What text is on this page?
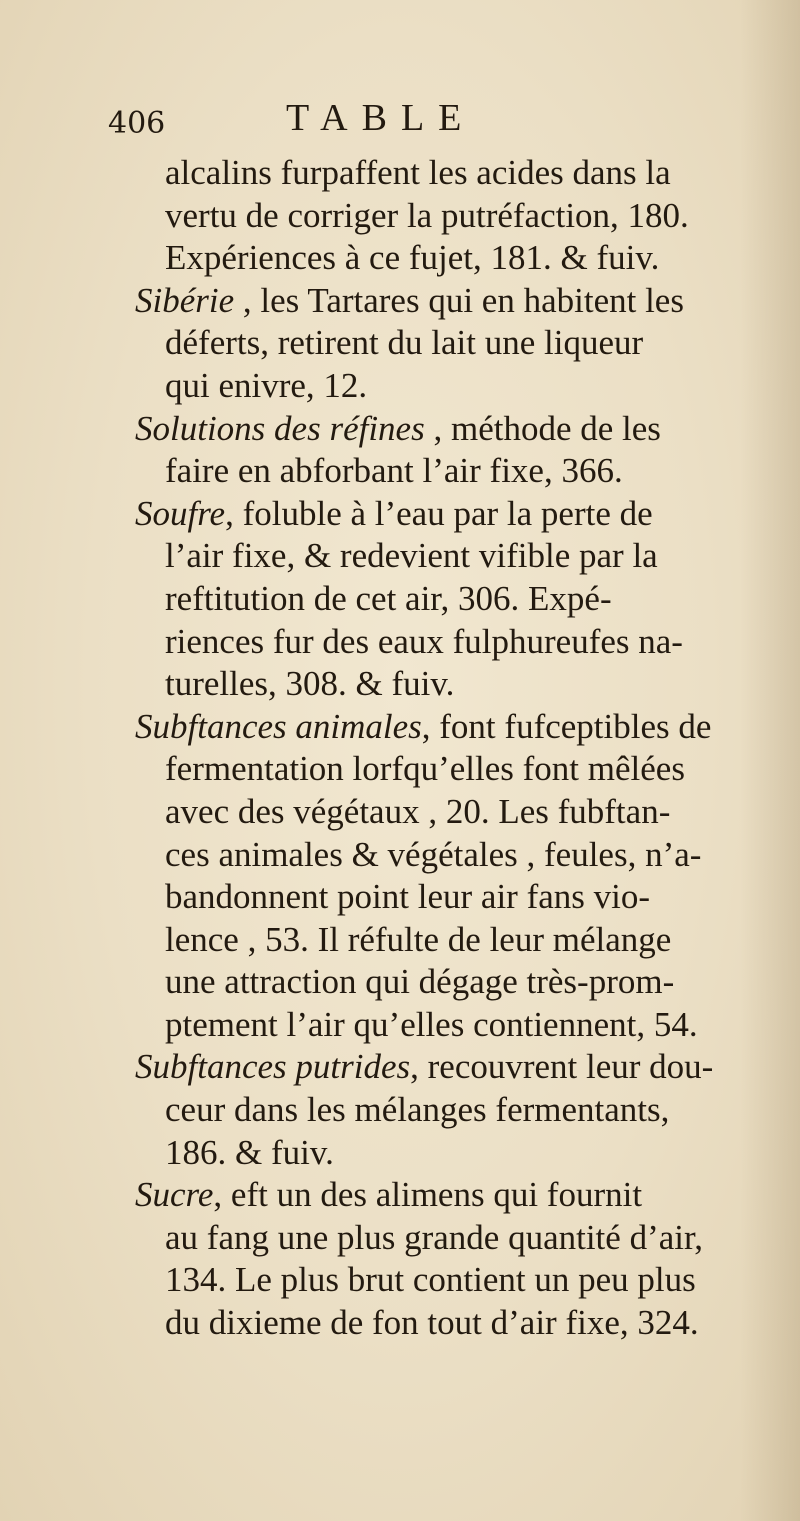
406	TABLE
alcalins furpaffent les acides dans la
vertu de corriger la putréfaction, 180.
Expériences à ce fujet, 181. & fuiv.
Sibérie , les Tartares qui en habitent les
déferts, retirent du lait une liqueur
qui enivre, 12.
Solutions des réfines , méthode de les
faire en abforbant l’air fixe, 366.
Soufre, foluble à l’eau par la perte de
l’air fixe, & redevient vifible par la
reftitution de cet air, 306. Expé-
riences fur des eaux fulphureufes na-
turelles, 308. & fuiv.
Subftances animales, font fufceptibles de
fermentation lorfqu’elles font mêlées
avec des végétaux , 20. Les fubftan-
ces animales & végétales , feules, n’a-
bandonnent point leur air fans vio-
lence , 53. Il réfulte de leur mélange
une attraction qui dégage très-prom-
ptement l’air qu’elles contiennent, 54.
Subftances putrides, recouvrent leur dou-
ceur dans les mélanges fermentants,
186. & fuiv.
Sucre, eft un des alimens qui fournit
au fang une plus grande quantité d’air,
134. Le plus brut contient un peu plus
du dixieme de fon tout d’air fixe, 324.
